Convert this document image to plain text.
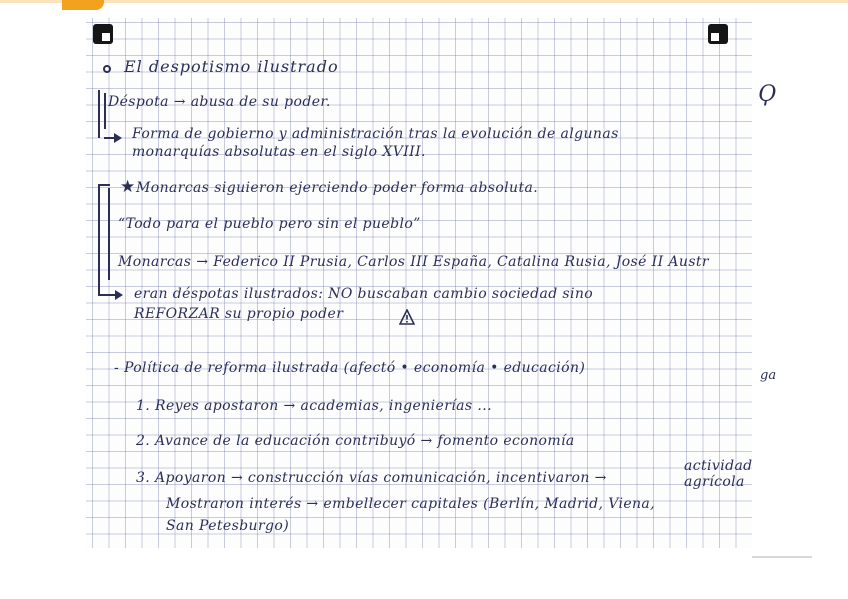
El despotismo ilustrado
Déspota → abusa de su poder.
Forma de gobierno y administración tras la evolución de algunas
monarquías absolutas en el siglo XVIII.
★ Monarcas siguieron ejerciendo poder forma absoluta.
“Todo para el pueblo pero sin el pueblo”
Monarcas → Federico II Prusia, Carlos III España, Catalina Rusia, José II Austr
eran déspotas ilustrados: NO buscaban cambio sociedad sino
REFORZAR su propio poder
- Política de reforma ilustrada (afectó • economía • educación)
1. Reyes apostaron → academias, ingenierías ...
2. Avance de la educación contribuyó → fomento economía
actividad
3. Apoyaron → construcción vías comunicación, incentivaron →	agrícola
Mostraron interés → embellecer capitales (Berlín, Madrid, Viena,
San Petesburgo)
Ϙ
ga
